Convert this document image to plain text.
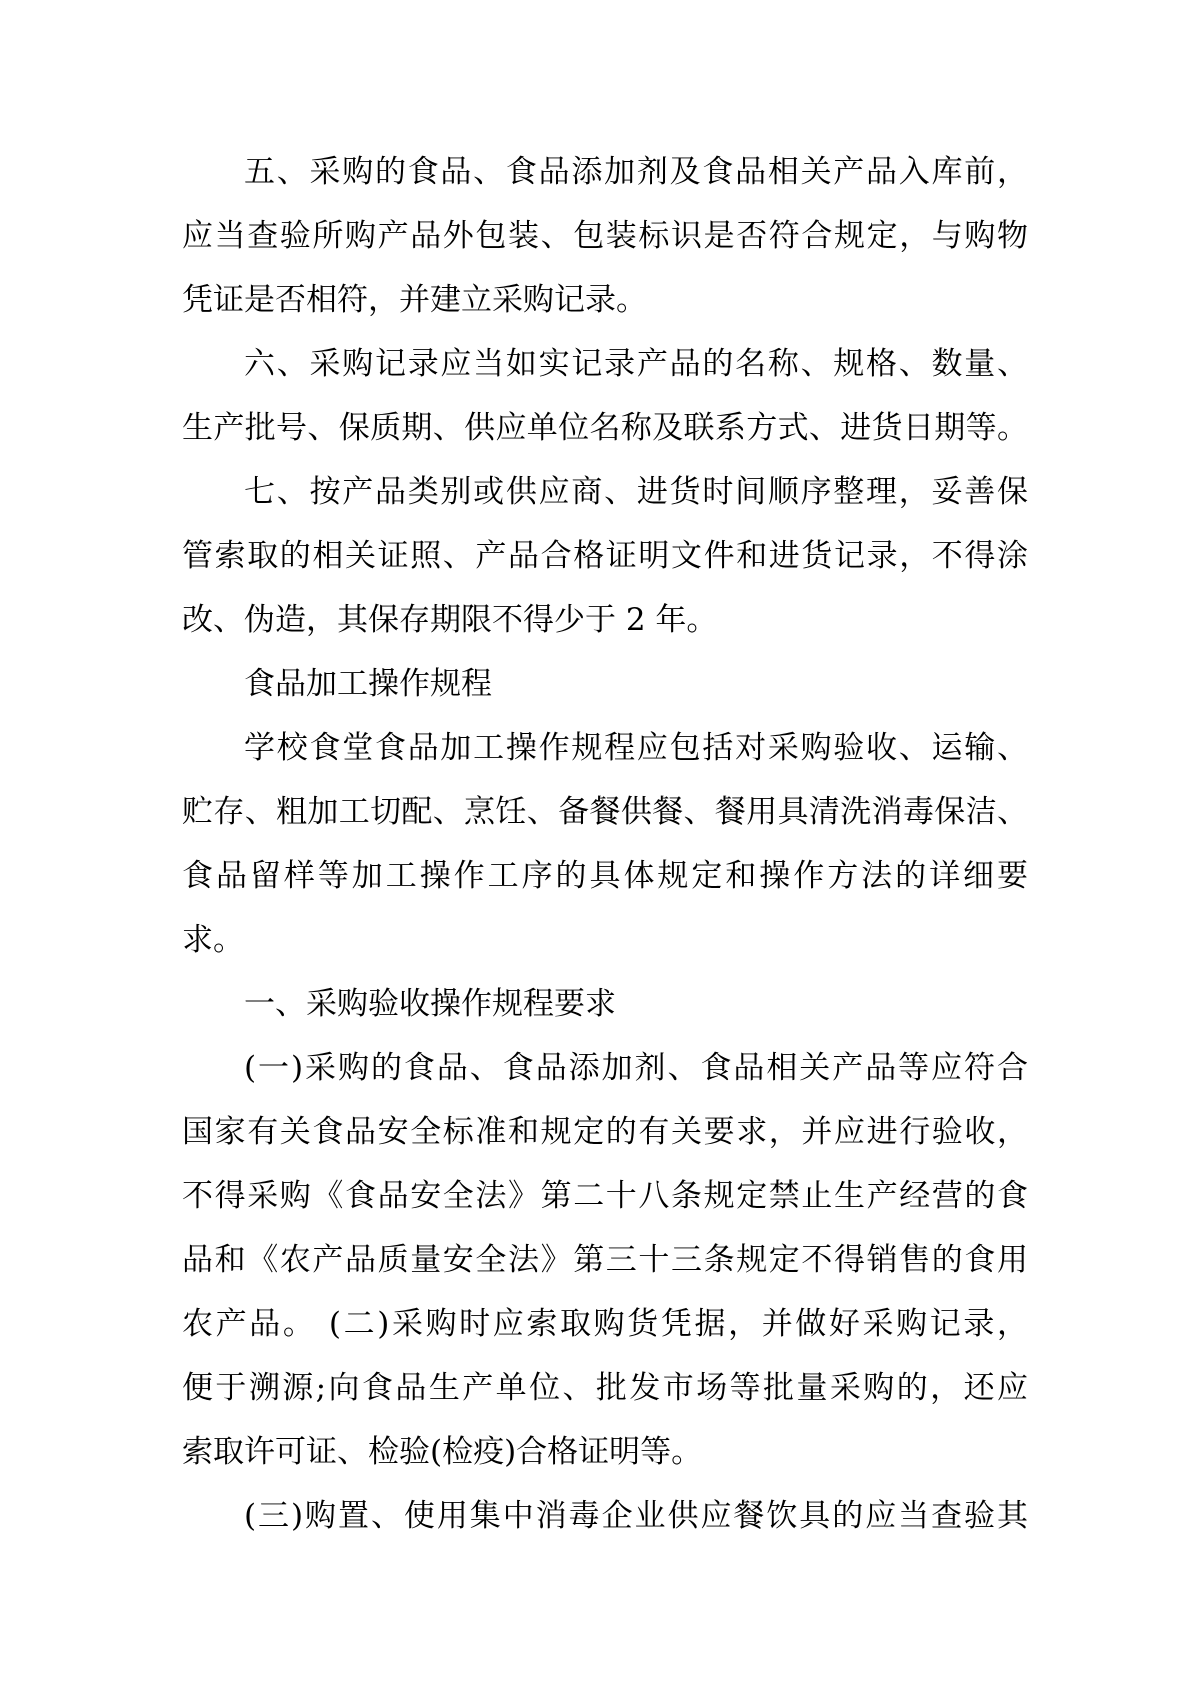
五、采购的食品、食品添加剂及食品相关产品入库前，
应当查验所购产品外包装、包装标识是否符合规定，与购物
凭证是否相符，并建立采购记录。

六、采购记录应当如实记录产品的名称、规格、数量、
生产批号、保质期、供应单位名称及联系方式、进货日期等。

七、按产品类别或供应商、进货时间顺序整理，妥善保
管索取的相关证照、产品合格证明文件和进货记录，不得涂
改、伪造，其保存期限不得少于 2 年。

食品加工操作规程

学校食堂食品加工操作规程应包括对采购验收、运输、
贮存、粗加工切配、烹饪、备餐供餐、餐用具清洗消毒保洁、
食品留样等加工操作工序的具体规定和操作方法的详细要
求。

一、采购验收操作规程要求

(一)采购的食品、食品添加剂、食品相关产品等应符合
国家有关食品安全标准和规定的有关要求，并应进行验收，
不得采购《食品安全法》第二十八条规定禁止生产经营的食
品和《农产品质量安全法》第三十三条规定不得销售的食用
农产品。 (二)采购时应索取购货凭据，并做好采购记录，
便于溯源;向食品生产单位、批发市场等批量采购的，还应
索取许可证、检验(检疫)合格证明等。

(三)购置、使用集中消毒企业供应餐饮具的应当查验其
